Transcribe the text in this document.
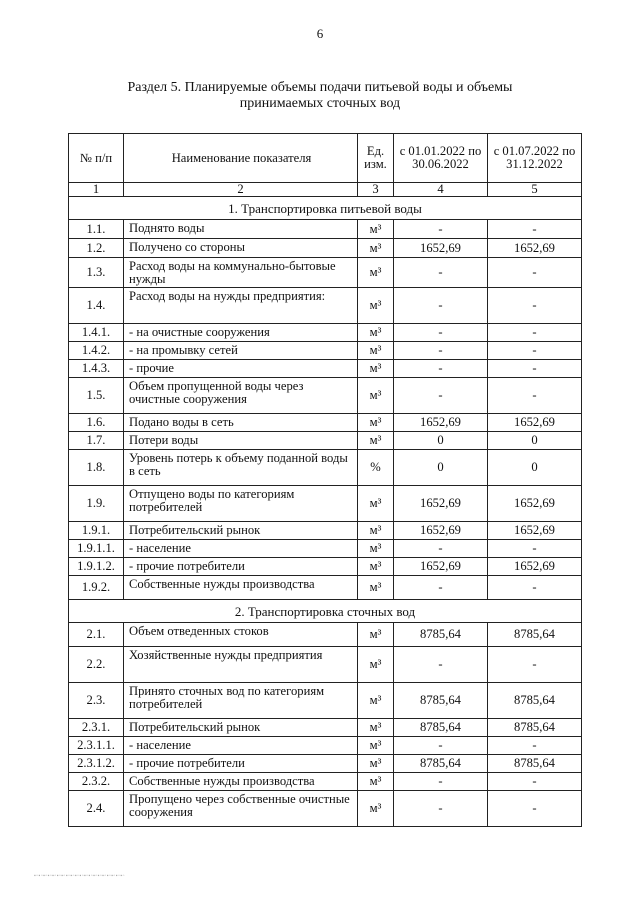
6
Раздел 5. Планируемые объемы подачи питьевой воды и объемы
принимаемых сточных вод
№ п/п	Наименование показателя	Ед. изм.	с 01.01.2022 по 30.06.2022	с 01.07.2022 по 31.12.2022
1	2	3	4	5
1. Транспортировка питьевой воды				
1.1.	Поднято воды	м³	-	-
1.2.	Получено со стороны	м³	1652,69	1652,69
1.3.	Расход воды на коммунально-бытовые нужды	м³	-	-
1.4.	Расход воды на нужды предприятия:	м³	-	-
1.4.1.	- на очистные сооружения	м³	-	-
1.4.2.	- на промывку сетей	м³	-	-
1.4.3.	- прочие	м³	-	-
1.5.	Объем пропущенной воды через очистные сооружения	м³	-	-
1.6.	Подано воды в сеть	м³	1652,69	1652,69
1.7.	Потери воды	м³	0	0
1.8.	Уровень потерь к объему поданной воды в сеть	%	0	0
1.9.	Отпущено воды по категориям потребителей	м³	1652,69	1652,69
1.9.1.	Потребительский рынок	м³	1652,69	1652,69
1.9.1.1.	- население	м³	-	-
1.9.1.2.	- прочие потребители	м³	1652,69	1652,69
1.9.2.	Собственные нужды производства	м³	-	-
2. Транспортировка сточных вод				
2.1.	Объем отведенных стоков	м³	8785,64	8785,64
2.2.	Хозяйственные нужды предприятия	м³	-	-
2.3.	Принято сточных вод по категориям потребителей	м³	8785,64	8785,64
2.3.1.	Потребительский рынок	м³	8785,64	8785,64
2.3.1.1.	- население	м³	-	-
2.3.1.2.	- прочие потребители	м³	8785,64	8785,64
2.3.2.	Собственные нужды производства	м³	-	-
2.4.	Пропущено через собственные очистные сооружения	м³	-	-
▪▫▪▫▪▫▪▫▪▫▪▫▪▫▪▫▪▫▪▫▪▫▪▫▪▫▪▫▪▫▪▫▪▫▪▫▪▫▪▫
